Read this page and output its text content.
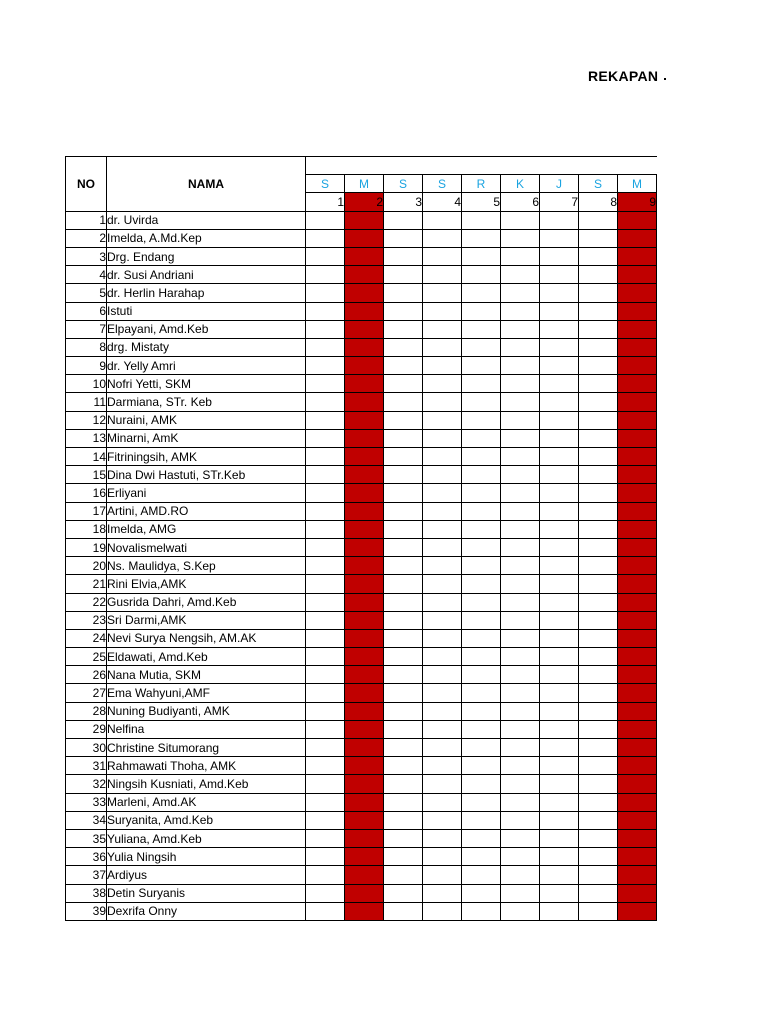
REKAPAN
NO	NAMA									
		S	M	S	S	R	K	J	S	M
		1	2	3	4	5	6	7	8	9
1	dr. Uvirda									
2	Imelda, A.Md.Kep									
3	Drg. Endang									
4	dr. Susi Andriani									
5	dr. Herlin Harahap									
6	Istuti									
7	Elpayani, Amd.Keb									
8	drg. Mistaty									
9	dr. Yelly Amri									
10	Nofri Yetti, SKM									
11	Darmiana, STr. Keb									
12	Nuraini, AMK									
13	Minarni, AmK									
14	Fitriningsih, AMK									
15	Dina Dwi Hastuti, STr.Keb									
16	Erliyani									
17	Artini, AMD.RO									
18	Imelda, AMG									
19	Novalismelwati									
20	Ns. Maulidya, S.Kep									
21	Rini Elvia,AMK									
22	Gusrida Dahri, Amd.Keb									
23	Sri Darmi,AMK									
24	Nevi Surya Nengsih, AM.AK									
25	Eldawati, Amd.Keb									
26	Nana Mutia, SKM									
27	Ema Wahyuni,AMF									
28	Nuning Budiyanti, AMK									
29	Nelfina									
30	Christine Situmorang									
31	Rahmawati Thoha, AMK									
32	Ningsih Kusniati, Amd.Keb									
33	Marleni, Amd.AK									
34	Suryanita, Amd.Keb									
35	Yuliana, Amd.Keb									
36	Yulia Ningsih									
37	Ardiyus									
38	Detin Suryanis									
39	Dexrifa Onny									
